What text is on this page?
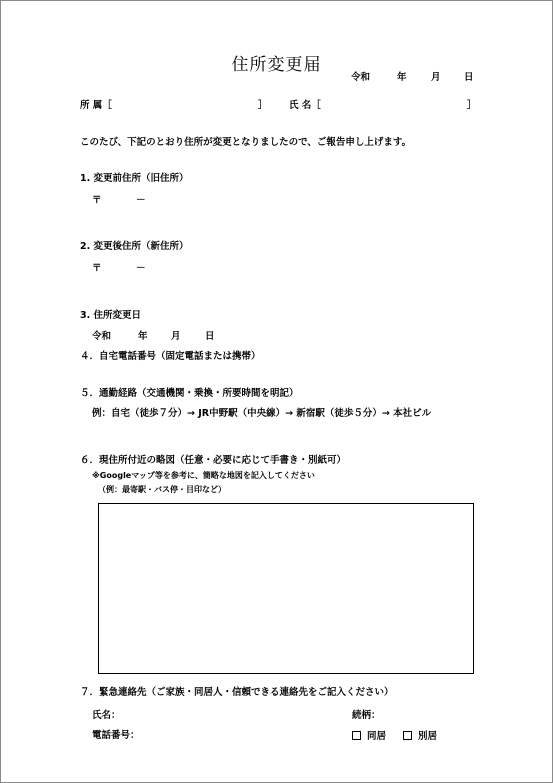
住所変更届
令和	年	月 日
所 属［	］ 氏 名［	］
このたび、下記のとおり住所が変更となりましたので、ご報告申し上げます。
1. 変更前住所（旧住所）
〒	－
2. 変更後住所（新住所）
〒	－
3. 住所変更日
令和	年 月	日
４．自宅電話番号（固定電話または携帯）
５．通勤経路（交通機関・乗換・所要時間を明記）
例：自宅（徒歩７分）→ JR中野駅（中央線）→ 新宿駅（徒歩５分）→ 本社ビル
６．現住所付近の略図（任意・必要に応じて手書き・別紙可）
※Googleマップ等を参考に、簡略な地図を記入してください
（例：最寄駅・バス停・目印など）
７．緊急連絡先（ご家族・同居人・信頼できる連絡先をご記入ください）
氏名：	続柄：
電話番号：	同居	別居
